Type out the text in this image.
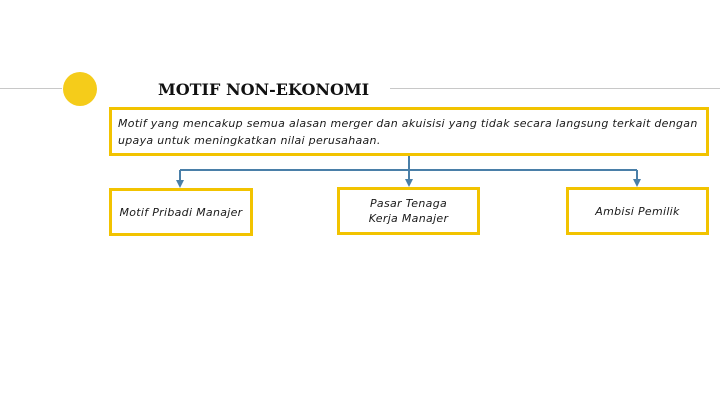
MOTIF NON-EKONOMI
Motif yang mencakup semua alasan merger dan akuisisi yang tidak secara langsung terkait dengan upaya untuk meningkatkan nilai perusahaan.
Motif Pribadi Manajer
Pasar Tenaga Kerja Manajer
Ambisi Pemilik
